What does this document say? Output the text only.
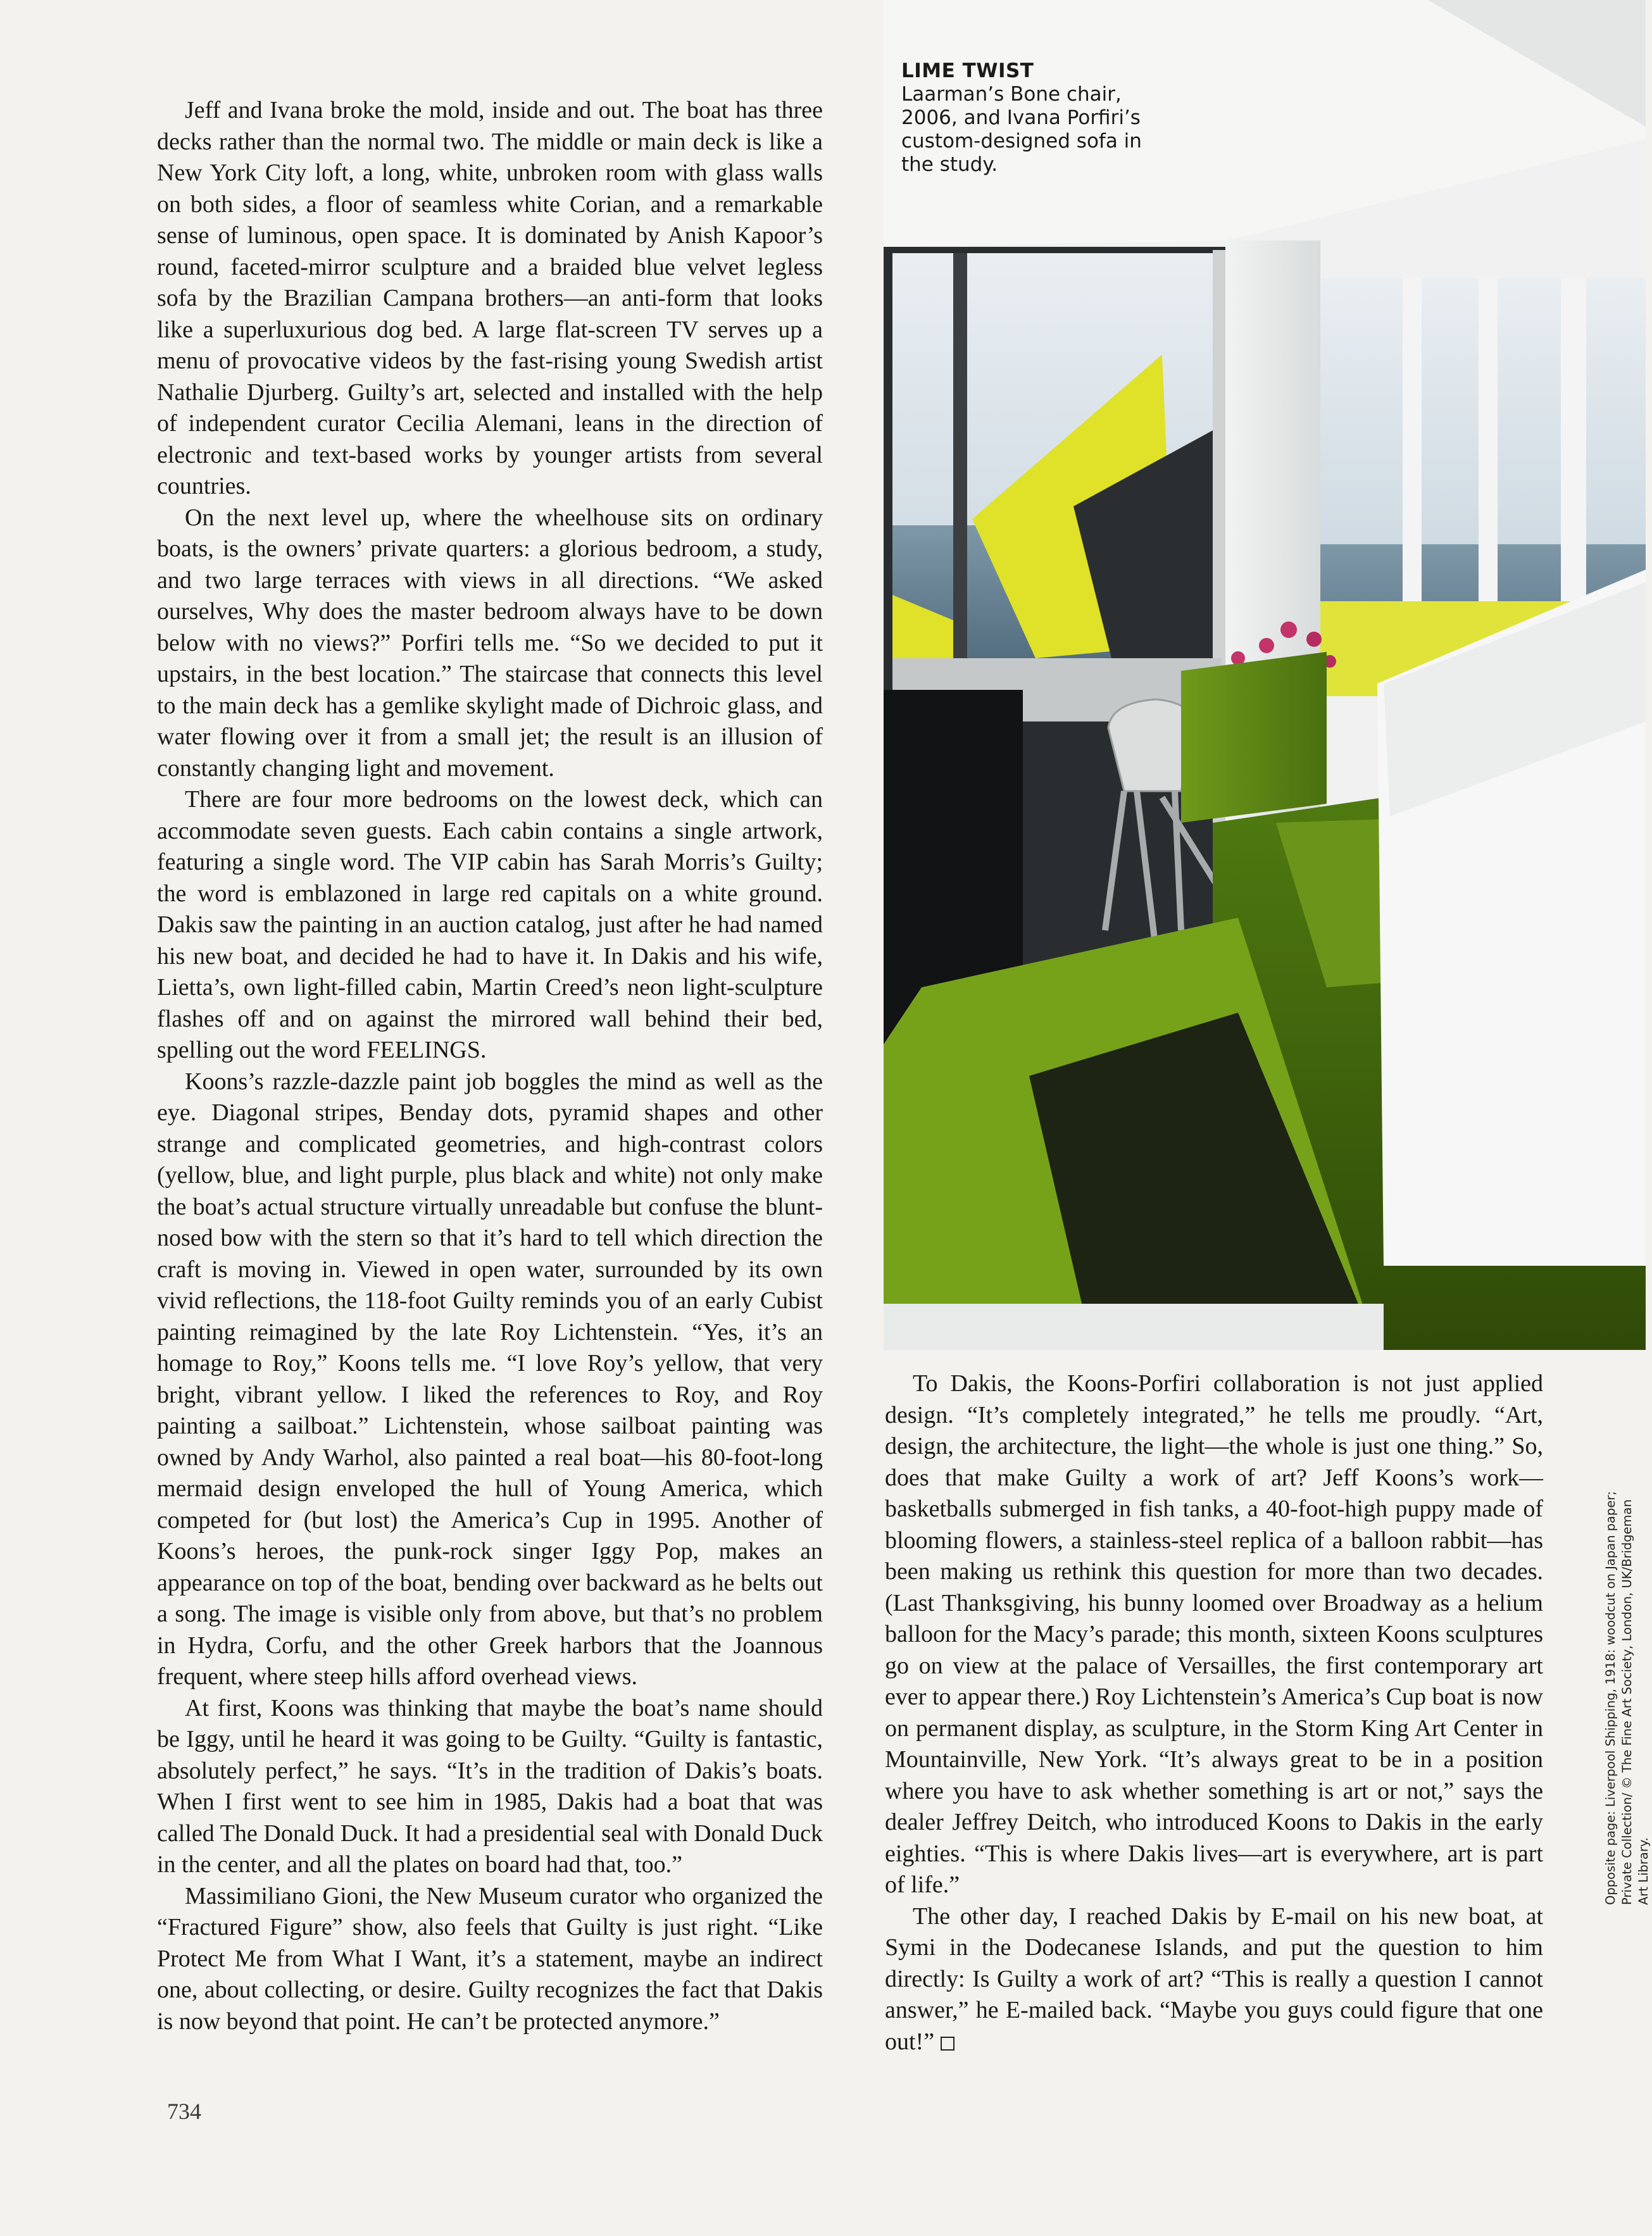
Jeff and Ivana broke the mold, inside and out. The boat has three decks rather than the normal two. The middle or main deck is like a New York City loft, a long, white, unbroken room with glass walls on both sides, a floor of seamless white Corian, and a remarkable sense of luminous, open space. It is dominated by Anish Kapoor’s round, faceted-mirror sculpture and a braided blue velvet legless sofa by the Brazilian Campana brothers—an anti-form that looks like a superluxurious dog bed. A large flat-screen TV serves up a menu of provocative videos by the fast-rising young Swedish artist Nathalie Djurberg. Guilty’s art, selected and installed with the help of independent curator Cecilia Alemani, leans in the direction of electronic and text-based works by younger artists from several countries.

On the next level up, where the wheelhouse sits on ordinary boats, is the owners’ private quarters: a glorious bedroom, a study, and two large terraces with views in all directions. “We asked ourselves, Why does the master bedroom always have to be down below with no views?” Porfiri tells me. “So we decided to put it upstairs, in the best location.” The staircase that connects this level to the main deck has a gemlike skylight made of Dichroic glass, and water flowing over it from a small jet; the result is an illusion of constantly changing light and movement.

There are four more bedrooms on the lowest deck, which can accommodate seven guests. Each cabin contains a single artwork, featuring a single word. The VIP cabin has Sarah Morris’s Guilty; the word is emblazoned in large red capitals on a white ground. Dakis saw the painting in an auction catalog, just after he had named his new boat, and decided he had to have it. In Dakis and his wife, Lietta’s, own light-filled cabin, Martin Creed’s neon light-sculpture flashes off and on against the mirrored wall behind their bed, spelling out the word FEELINGS.

Koons’s razzle-dazzle paint job boggles the mind as well as the eye. Diagonal stripes, Benday dots, pyramid shapes and other strange and complicated geometries, and high-contrast colors (yellow, blue, and light purple, plus black and white) not only make the boat’s actual structure virtually unreadable but confuse the blunt-nosed bow with the stern so that it’s hard to tell which direction the craft is moving in. Viewed in open water, surrounded by its own vivid reflections, the 118-foot Guilty reminds you of an early Cubist painting reimagined by the late Roy Lichtenstein. “Yes, it’s an homage to Roy,” Koons tells me. “I love Roy’s yellow, that very bright, vibrant yellow. I liked the references to Roy, and Roy painting a sailboat.” Lichtenstein, whose sailboat painting was owned by Andy Warhol, also painted a real boat—his 80-foot-long mermaid design enveloped the hull of Young America, which competed for (but lost) the America’s Cup in 1995. Another of Koons’s heroes, the punk-rock singer Iggy Pop, makes an appearance on top of the boat, bending over backward as he belts out a song. The image is visible only from above, but that’s no problem in Hydra, Corfu, and the other Greek harbors that the Joannous frequent, where steep hills afford overhead views.

At first, Koons was thinking that maybe the boat’s name should be Iggy, until he heard it was going to be Guilty. “Guilty is fantastic, absolutely perfect,” he says. “It’s in the tradition of Dakis’s boats. When I first went to see him in 1985, Dakis had a boat that was called The Donald Duck. It had a presidential seal with Donald Duck in the center, and all the plates on board had that, too.”

Massimiliano Gioni, the New Museum curator who organized the “Fractured Figure” show, also feels that Guilty is just right. “Like Protect Me from What I Want, it’s a statement, maybe an indirect one, about collecting, or desire. Guilty recognizes the fact that Dakis is now beyond that point. He can’t be protected anymore.”

LIME TWIST
Laarman’s Bone chair, 2006, and Ivana Porfiri’s custom-designed sofa in the study.

To Dakis, the Koons-Porfiri collaboration is not just applied design. “It’s completely integrated,” he tells me proudly. “Art, design, the architecture, the light—the whole is just one thing.” So, does that make Guilty a work of art? Jeff Koons’s work—basketballs submerged in fish tanks, a 40-foot-high puppy made of blooming flowers, a stainless-steel replica of a balloon rabbit—has been making us rethink this question for more than two decades. (Last Thanksgiving, his bunny loomed over Broadway as a helium balloon for the Macy’s parade; this month, sixteen Koons sculptures go on view at the palace of Versailles, the first contemporary art ever to appear there.) Roy Lichtenstein’s America’s Cup boat is now on permanent display, as sculpture, in the Storm King Art Center in Mountainville, New York. “It’s always great to be in a position where you have to ask whether something is art or not,” says the dealer Jeffrey Deitch, who introduced Koons to Dakis in the early eighties. “This is where Dakis lives—art is everywhere, art is part of life.”

The other day, I reached Dakis by E-mail on his new boat, at Symi in the Dodecanese Islands, and put the question to him directly: Is Guilty a work of art? “This is really a question I cannot answer,” he E-mailed back. “Maybe you guys could figure that one out!”

734
Opposite page: Liverpool Shipping, 1918: woodcut on Japan paper; Private Collection/ © The Fine Art Society, London, UK/Bridgeman Art Library.
